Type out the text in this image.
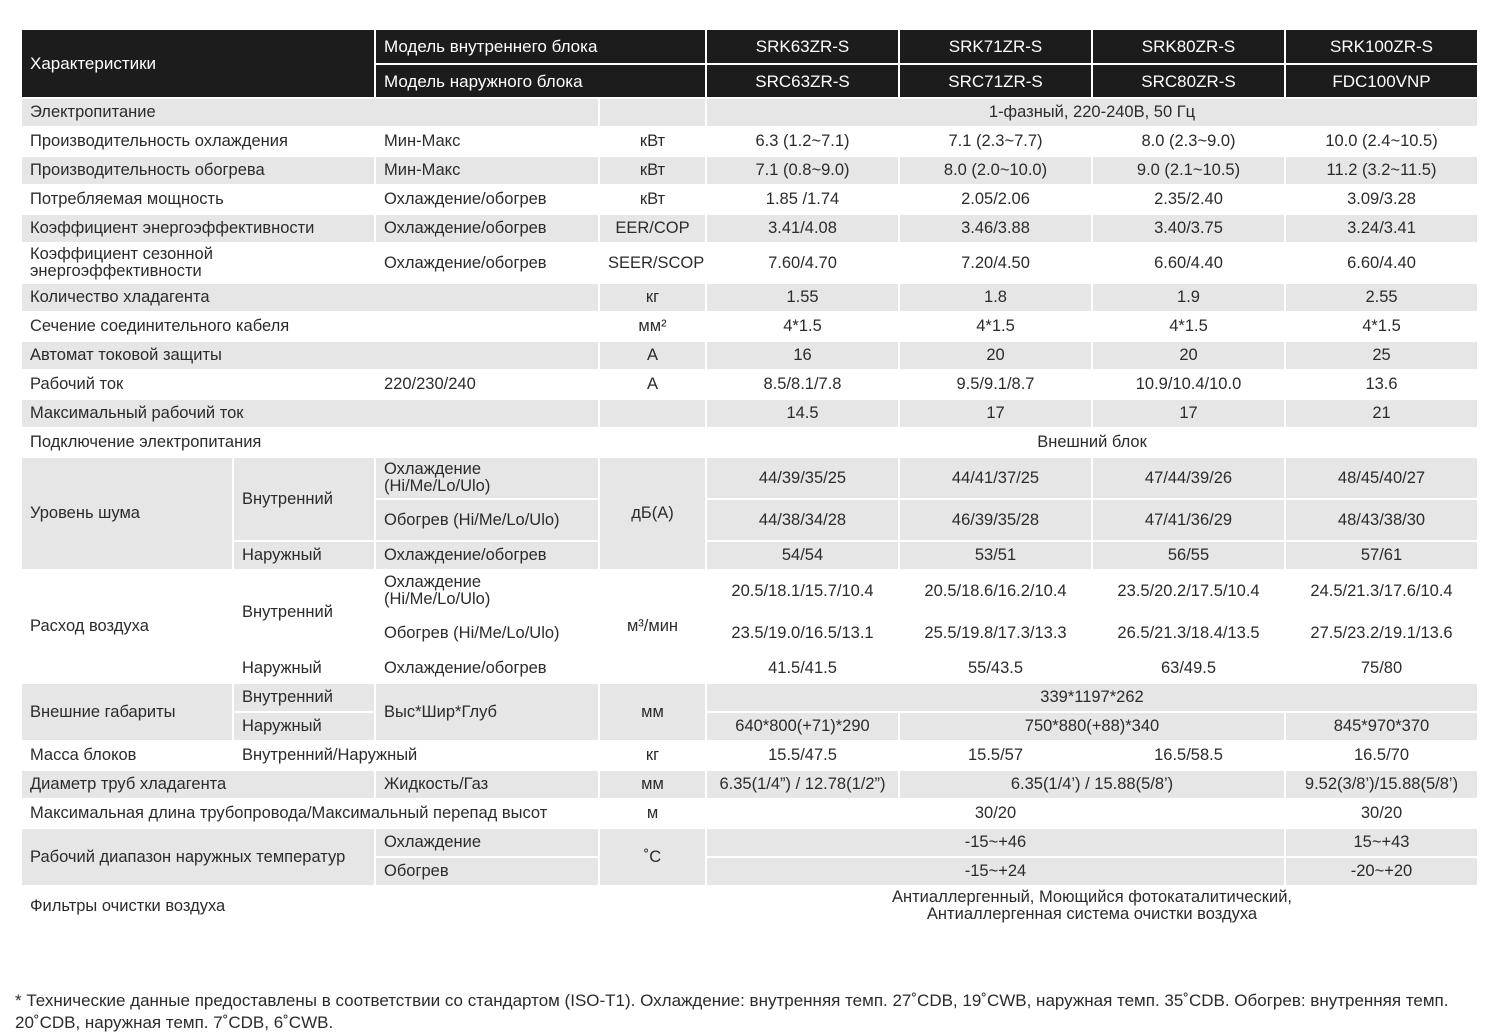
Характеристики		Модель внутреннего блока		SRK63ZR-S	SRK71ZR-S	SRK80ZR-S	SRK100ZR-S
		Модель наружного блока		SRC63ZR-S	SRC71ZR-S	SRC80ZR-S	FDC100VNP
Электропитание				1-фазный, 220-240В, 50 Гц			
Производительность охлаждения		Мин-Макс	кВт	6.3 (1.2~7.1)	7.1 (2.3~7.7)	8.0 (2.3~9.0)	10.0 (2.4~10.5)
Производительность обогрева		Мин-Макс	кВт	7.1 (0.8~9.0)	8.0 (2.0~10.0)	9.0 (2.1~10.5)	11.2 (3.2~11.5)
Потребляемая мощность		Охлаждение/обогрев	кВт	1.85 /1.74	2.05/2.06	2.35/2.40	3.09/3.28
Коэффициент энергоэффективности		Охлаждение/обогрев	EER/COP	3.41/4.08	3.46/3.88	3.40/3.75	3.24/3.41
Коэффициент сезонной энергоэффективности		Охлаждение/обогрев	SEER/SCOP	7.60/4.70	7.20/4.50	6.60/4.40	6.60/4.40
Количество хладагента			кг	1.55	1.8	1.9	2.55
Сечение соединительного кабеля			мм²	4*1.5	4*1.5	4*1.5	4*1.5
Автомат токовой защиты			А	16	20	20	25
Рабочий ток		220/230/240	А	8.5/8.1/7.8	9.5/9.1/8.7	10.9/10.4/10.0	13.6
Максимальный рабочий ток				14.5	17	17	21
Подключение электропитания				Внешний блок			
Уровень шума	Внутренний	Охлаждение (Hi/Me/Lo/Ulo)	дБ(А)	44/39/35/25	44/41/37/25	47/44/39/26	48/45/40/27
		Обогрев (Hi/Me/Lo/Ulo)		44/38/34/28	46/39/35/28	47/41/36/29	48/43/38/30
	Наружный	Охлаждение/обогрев		54/54	53/51	56/55	57/61
Расход воздуха	Внутренний	Охлаждение (Hi/Me/Lo/Ulo)	м³/мин	20.5/18.1/15.7/10.4	20.5/18.6/16.2/10.4	23.5/20.2/17.5/10.4	24.5/21.3/17.6/10.4
		Обогрев (Hi/Me/Lo/Ulo)		23.5/19.0/16.5/13.1	25.5/19.8/17.3/13.3	26.5/21.3/18.4/13.5	27.5/23.2/19.1/13.6
	Наружный	Охлаждение/обогрев		41.5/41.5	55/43.5	63/49.5	75/80
Внешние габариты	Внутренний	Выс*Шир*Глуб	мм	339*1197*262			
	Наружный			640*800(+71)*290	750*880(+88)*340		845*970*370
Масса блоков	Внутренний/Наружный		кг	15.5/47.5	15.5/57	16.5/58.5	16.5/70
Диаметр труб хладагента		Жидкость/Газ	мм	6.35(1/4”) / 12.78(1/2”)	6.35(1/4’) / 15.88(5/8’)		9.52(3/8’)/15.88(5/8’)
Максимальная длина трубопровода/Максимальный перепад высот			м	30/20			30/20
Рабочий диапазон наружных температур		Охлаждение	˚C	-15~+46			15~+43
		Обогрев		-15~+24			-20~+20
Фильтры очистки воздуха				Антиаллергенный, Моющийся фотокаталитический, Антиаллергенная система очистки воздуха			

* Технические данные предоставлены в соответствии со стандартом (ISO-T1). Охлаждение: внутренняя темп. 27˚CDB, 19˚CWB, наружная темп. 35˚CDB. Обогрев: внутренняя темп. 20˚CDB, наружная темп. 7˚CDB, 6˚CWB.
